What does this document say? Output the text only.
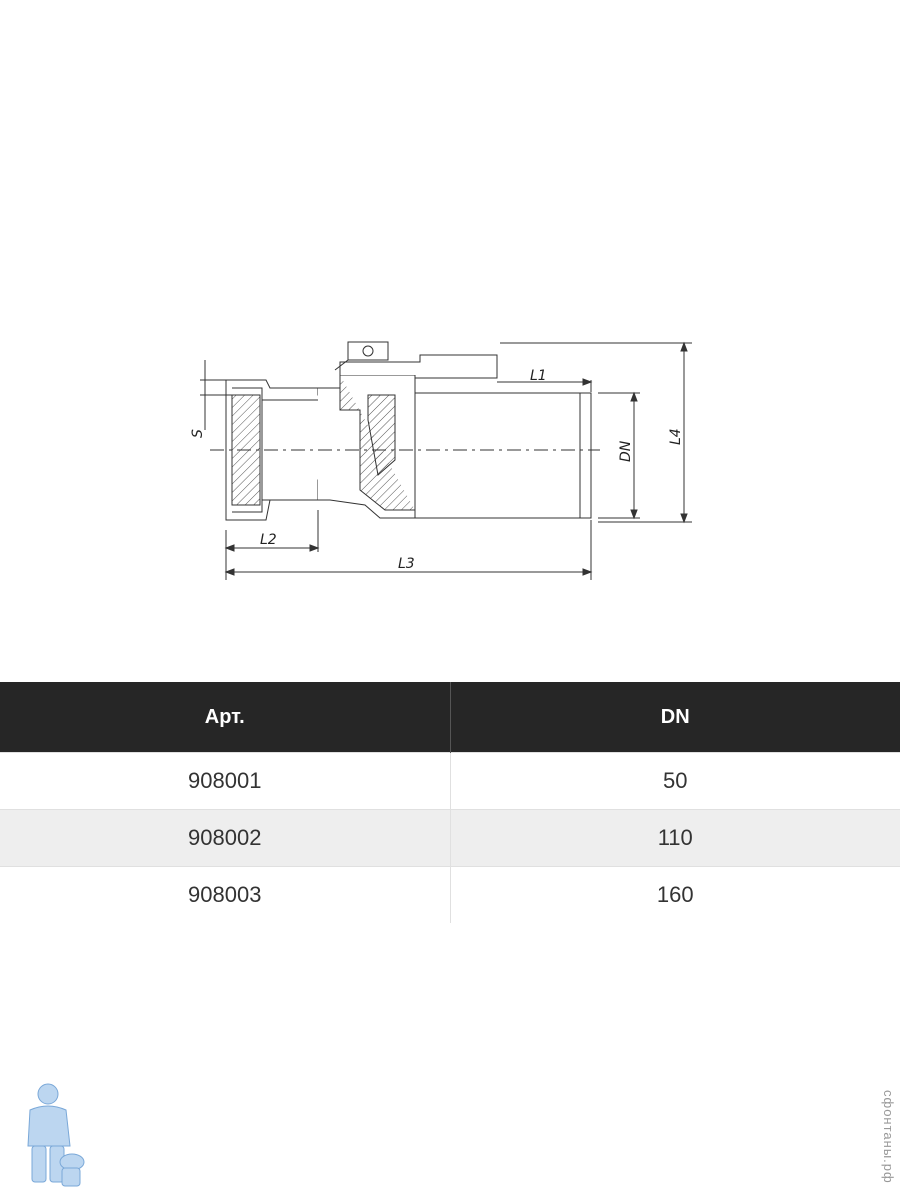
L1
L2
L3
L4
DN
S
Арт.	DN
908001	50
908002	110
908003	160
сфонтаны.рф
